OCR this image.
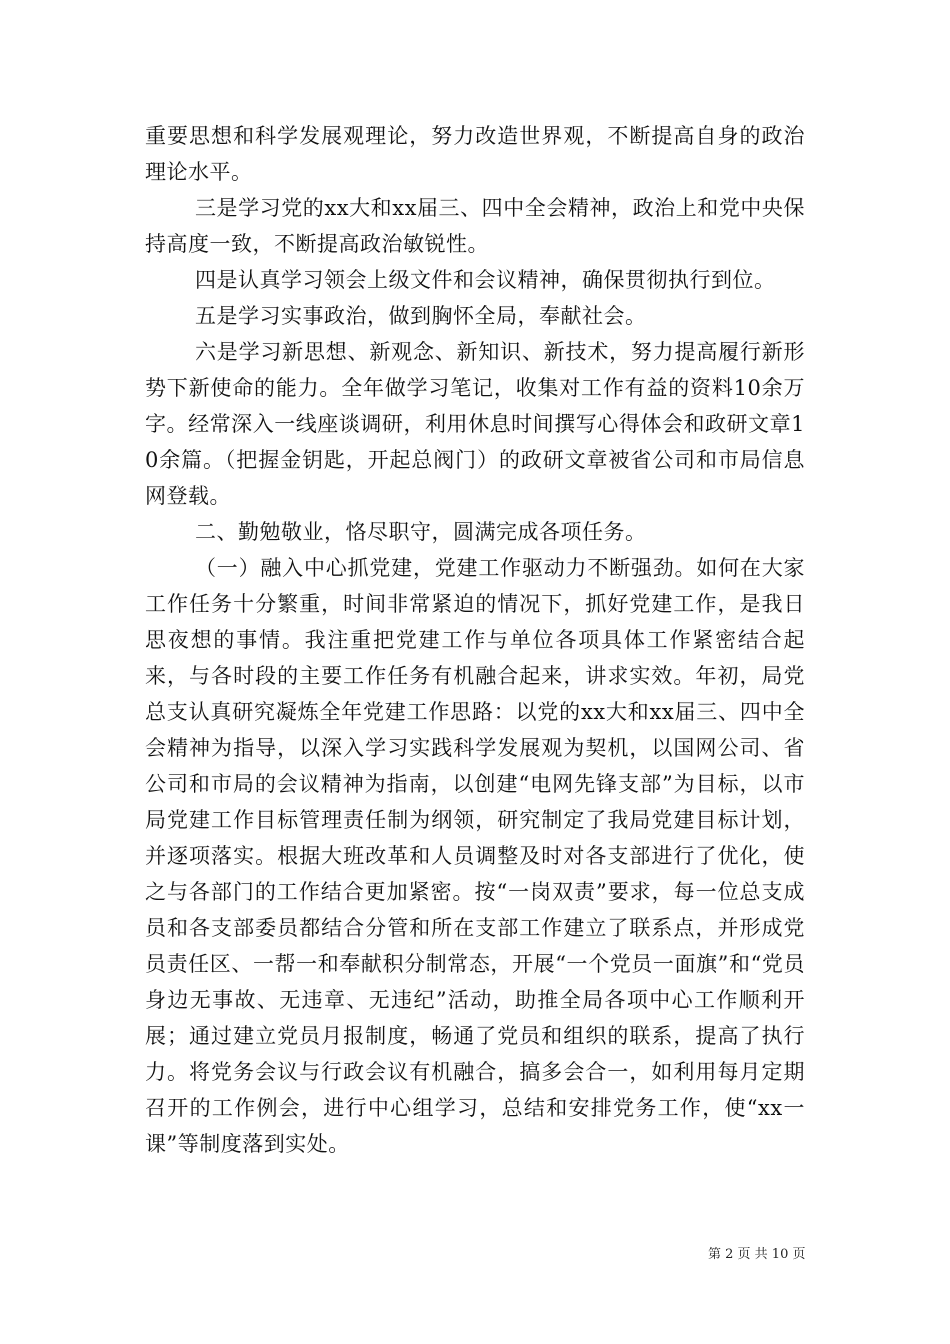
重要思想和科学发展观理论，努力改造世界观，不断提高自身的政治理论水平。

三是学习党的xx大和xx届三、四中全会精神，政治上和党中央保持高度一致，不断提高政治敏锐性。

四是认真学习领会上级文件和会议精神，确保贯彻执行到位。

五是学习实事政治，做到胸怀全局，奉献社会。

六是学习新思想、新观念、新知识、新技术，努力提高履行新形势下新使命的能力。全年做学习笔记，收集对工作有益的资料10余万字。经常深入一线座谈调研，利用休息时间撰写心得体会和政研文章10余篇。（把握金钥匙，开起总阀门）的政研文章被省公司和市局信息网登载。

二、勤勉敬业，恪尽职守，圆满完成各项任务。

（一）融入中心抓党建，党建工作驱动力不断强劲。如何在大家工作任务十分繁重，时间非常紧迫的情况下，抓好党建工作，是我日思夜想的事情。我注重把党建工作与单位各项具体工作紧密结合起来，与各时段的主要工作任务有机融合起来，讲求实效。年初，局党总支认真研究凝炼全年党建工作思路：以党的xx大和xx届三、四中全会精神为指导，以深入学习实践科学发展观为契机，以国网公司、省公司和市局的会议精神为指南，以创建“电网先锋支部”为目标，以市局党建工作目标管理责任制为纲领，研究制定了我局党建目标计划，并逐项落实。根据大班改革和人员调整及时对各支部进行了优化，使之与各部门的工作结合更加紧密。按“一岗双责”要求，每一位总支成员和各支部委员都结合分管和所在支部工作建立了联系点，并形成党员责任区、一帮一和奉献积分制常态，开展“一个党员一面旗”和“党员身边无事故、无违章、无违纪”活动，助推全局各项中心工作顺利开展；通过建立党员月报制度，畅通了党员和组织的联系，提高了执行力。将党务会议与行政会议有机融合，搞多会合一，如利用每月定期召开的工作例会，进行中心组学习，总结和安排党务工作，使“xx一课”等制度落到实处。

第 2 页 共 10 页
